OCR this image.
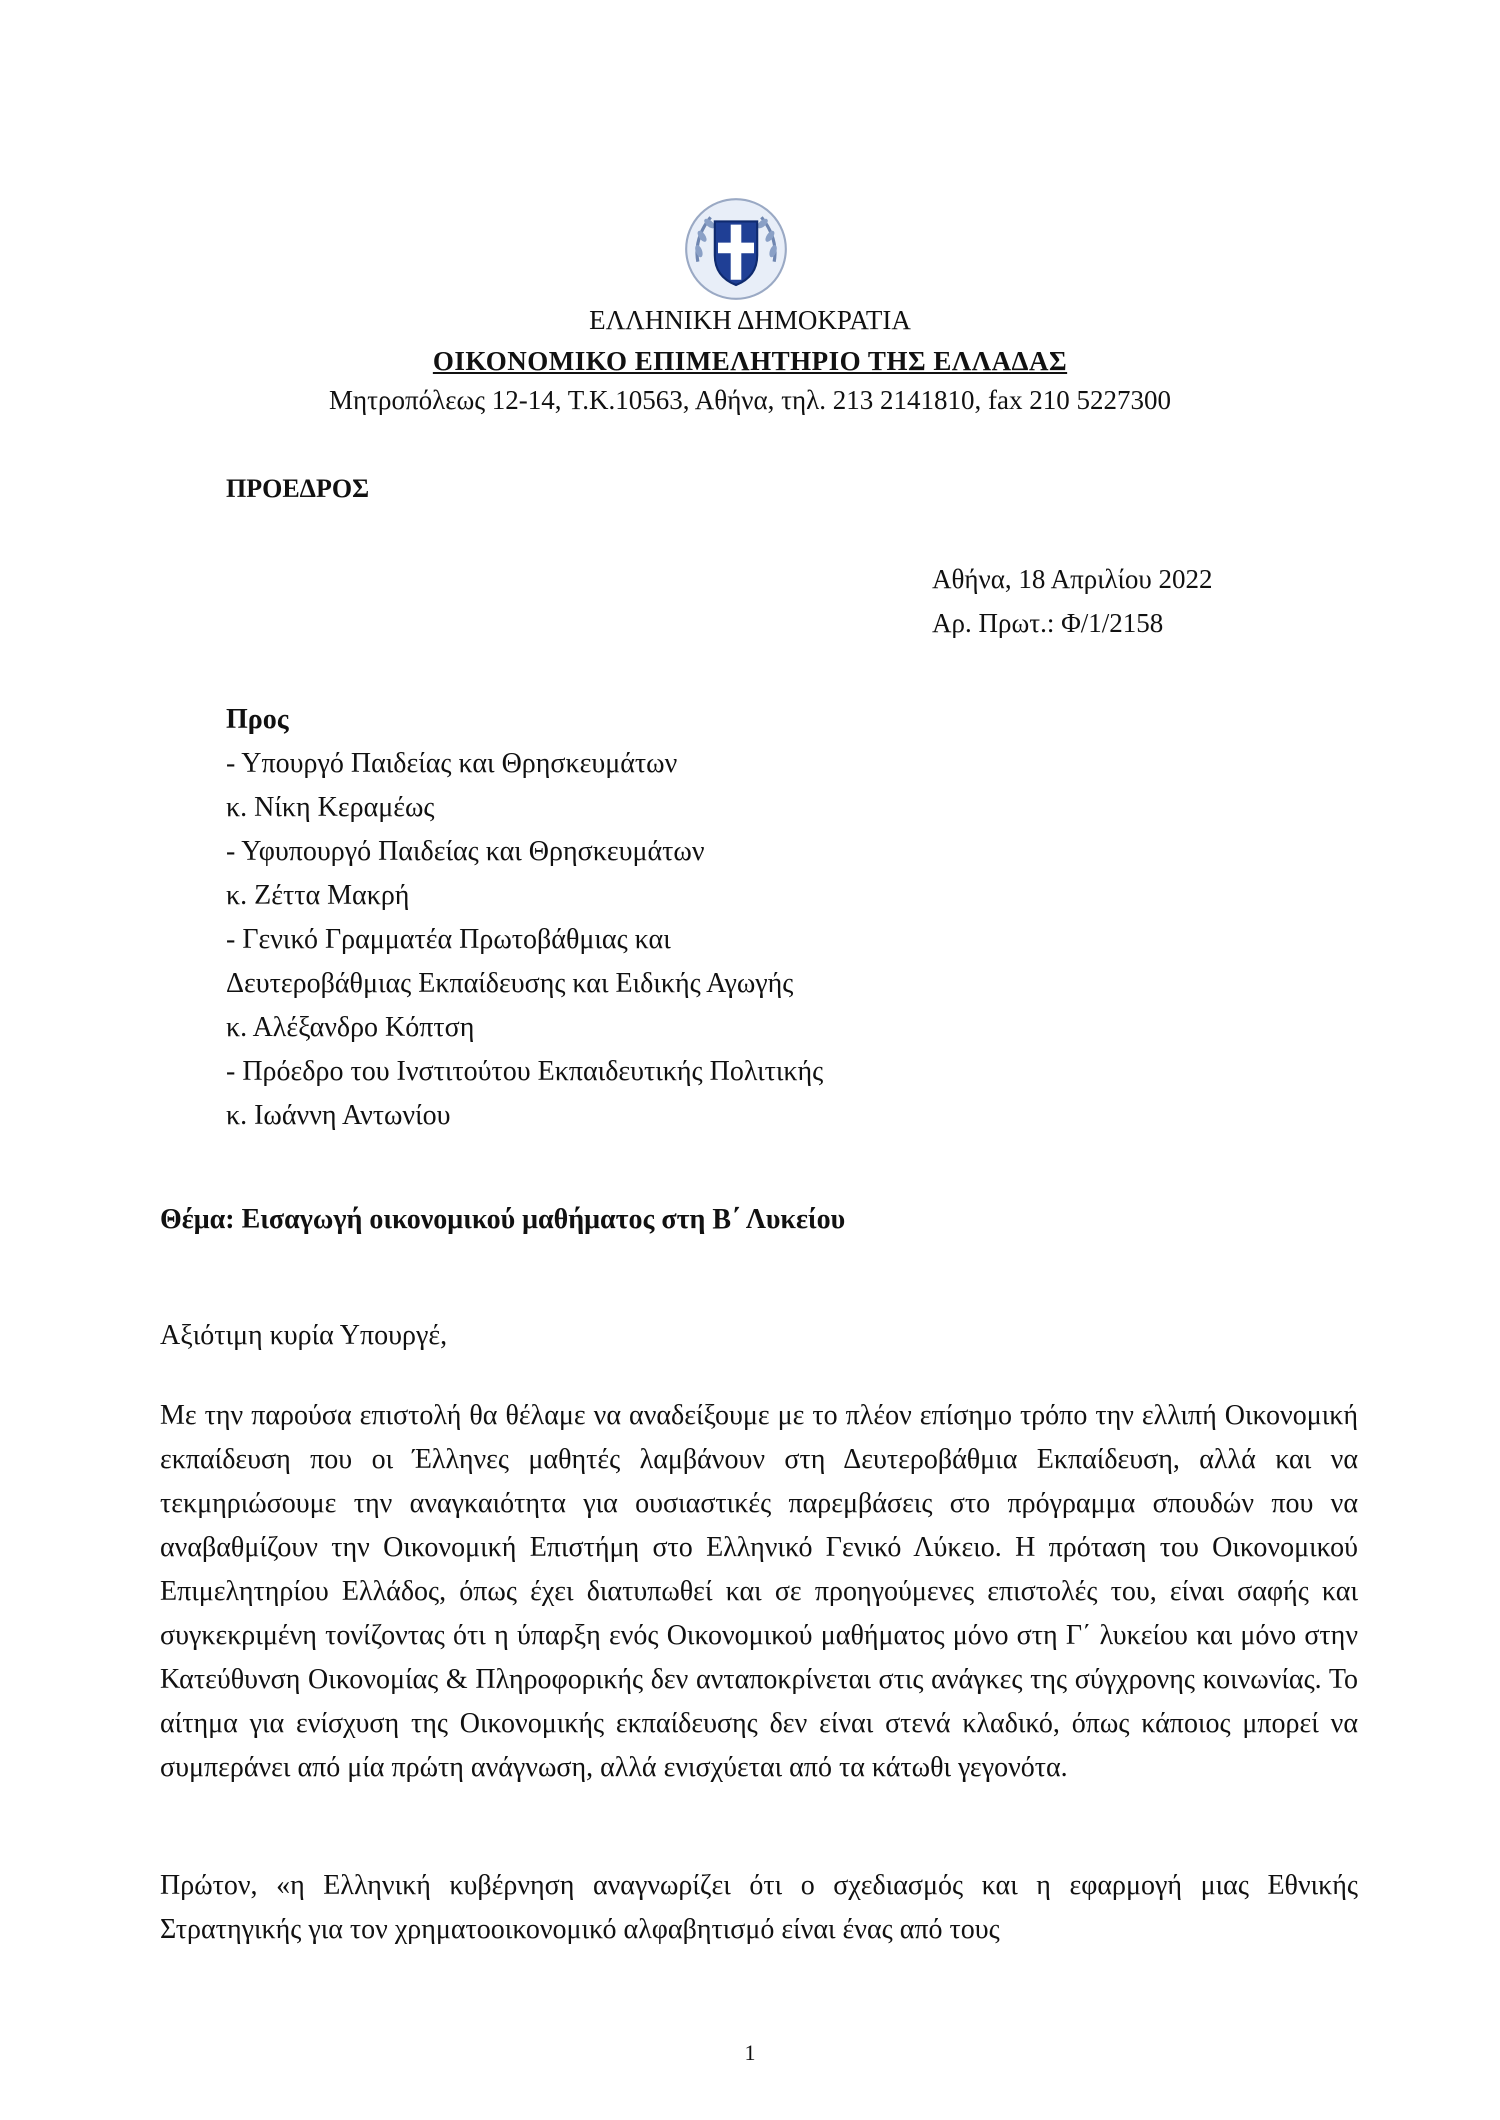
ΕΛΛΗΝΙΚΗ ΔΗΜΟΚΡΑΤΙΑ
ΟΙΚΟΝΟΜΙΚΟ ΕΠΙΜΕΛΗΤΗΡΙΟ ΤΗΣ ΕΛΛΑΔΑΣ
Μητροπόλεως 12-14, Τ.Κ.10563, Αθήνα, τηλ. 213 2141810, fax 210 5227300
ΠΡΟΕΔΡΟΣ
Αθήνα, 18 Απριλίου 2022
Αρ. Πρωτ.: Φ/1/2158
Προς
- Υπουργό Παιδείας και Θρησκευμάτων
κ. Νίκη Κεραμέως
- Υφυπουργό Παιδείας και Θρησκευμάτων
κ. Ζέττα Μακρή
- Γενικό Γραμματέα Πρωτοβάθμιας και
Δευτεροβάθμιας Εκπαίδευσης και Ειδικής Αγωγής
κ. Αλέξανδρο Κόπτση
- Πρόεδρο του Ινστιτούτου Εκπαιδευτικής Πολιτικής
κ. Ιωάννη Αντωνίου
Θέμα: Εισαγωγή οικονομικού μαθήματος στη Β΄ Λυκείου
Αξιότιμη κυρία Υπουργέ,
Με την παρούσα επιστολή θα θέλαμε να αναδείξουμε με το πλέον επίσημο τρόπο την ελλιπή Οικονομική εκπαίδευση που οι Έλληνες μαθητές λαμβάνουν στη Δευτεροβάθμια Εκπαίδευση, αλλά και να τεκμηριώσουμε την αναγκαιότητα για ουσιαστικές παρεμβάσεις στο πρόγραμμα σπουδών που να αναβαθμίζουν την Οικονομική Επιστήμη στο Ελληνικό Γενικό Λύκειο. Η πρόταση του Οικονομικού Επιμελητηρίου Ελλάδος, όπως έχει διατυπωθεί και σε προηγούμενες επιστολές του, είναι σαφής και συγκεκριμένη τονίζοντας ότι η ύπαρξη ενός Οικονομικού μαθήματος μόνο στη Γ΄ λυκείου και μόνο στην Κατεύθυνση Οικονομίας & Πληροφορικής δεν ανταποκρίνεται στις ανάγκες της σύγχρονης κοινωνίας. Το αίτημα για ενίσχυση της Οικονομικής εκπαίδευσης δεν είναι στενά κλαδικό, όπως κάποιος μπορεί να συμπεράνει από μία πρώτη ανάγνωση, αλλά ενισχύεται από τα κάτωθι γεγονότα.
Πρώτον, «η Ελληνική κυβέρνηση αναγνωρίζει ότι ο σχεδιασμός και η εφαρμογή μιας Εθνικής Στρατηγικής για τον χρηματοοικονομικό αλφαβητισμό είναι ένας από τους
1
